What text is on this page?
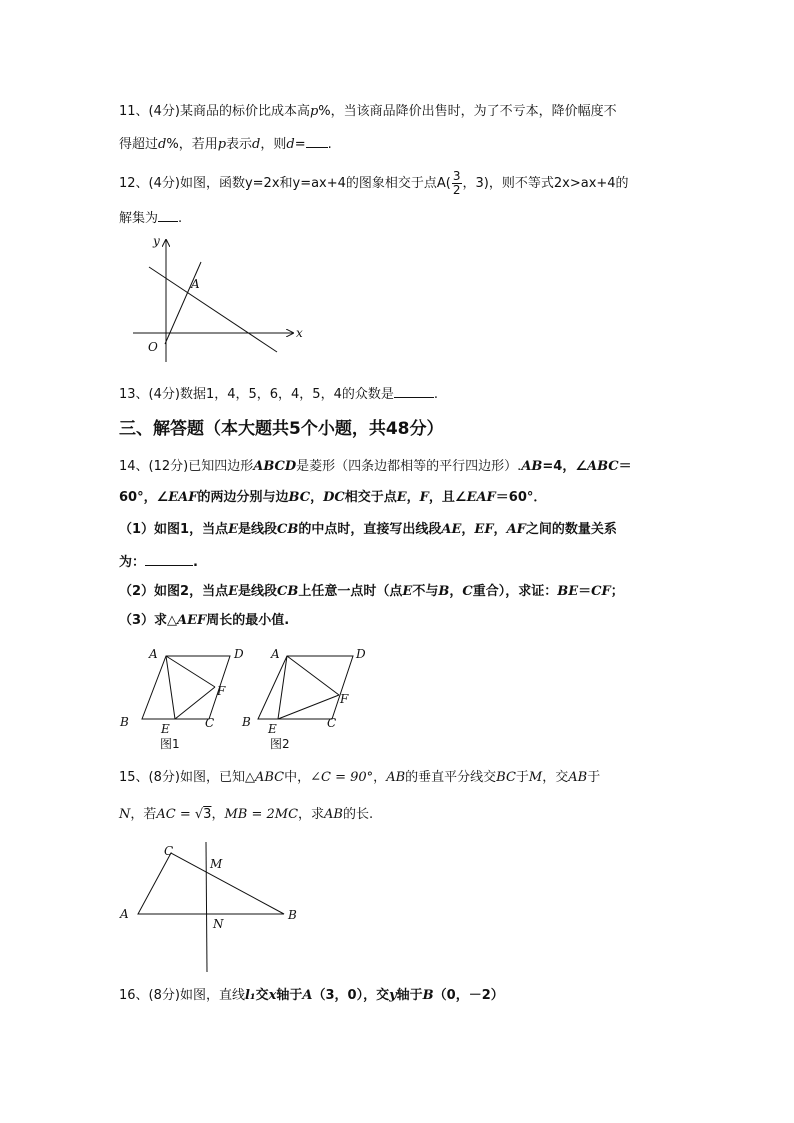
11、(4分)某商品的标价比成本高p%，当该商品降价出售时，为了不亏本，降价幅度不
得超过d%，若用p表示d，则d= .
12、(4分)如图，函数y=2x和y=ax+4的图象相交于点$A( \frac{3}{2}$ ，3)，则不等式2x>ax+4的
解集为 .
y
x
O
A
13、(4分)数据1，4，5，6，4，5，4的众数是	.
三、解答题（本大题共5个小题，共48分）
14、(12分)已知四边形ABCD是菱形（四条边都相等的平行四边形）.AB=4，∠ABC＝
60°，∠EAF的两边分别与边BC，DC相交于点E，F，且∠EAF＝60°．
（1）如图1，当点E是线段CB的中点时，直接写出线段AE，EF，AF之间的数量关系
为：	.
（2）如图2，当点E是线段CB上任意一点时（点E不与B，C重合），求证：BE＝CF；
（3）求△AEF周长的最小值.
A	D
F
B	E	C
图1
A	D
F
B E	C
图2
15、(8分)如图，已知△ABC中，∠C = 90°，AB的垂直平分线交BC于M，交AB于
N，若AC = √3，MB = 2MC，求AB的长.
C
M
A
N
B
16、(8分)如图，直线l₁交x轴于A（3，0），交y轴于B（0，－2）
